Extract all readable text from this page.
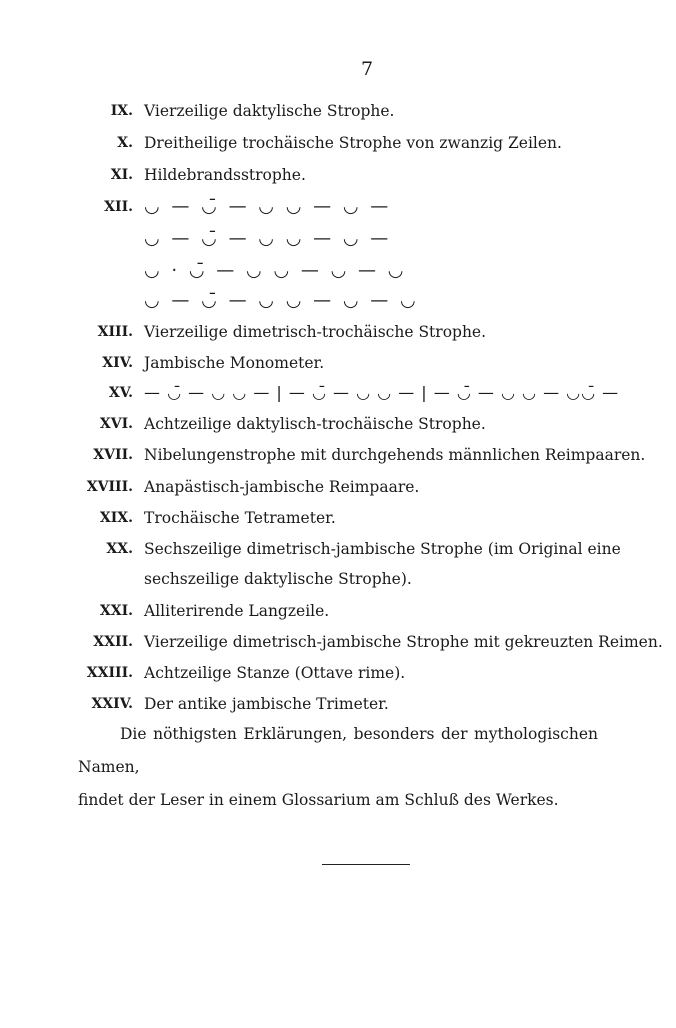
7
IX. Vierzeilige daktylische Strophe.
X. Dreitheilige trochäische Strophe von zwanzig Zeilen.
XI. Hildebrandsstrophe.
XII. ◡ — ◡̄ — ◡ ◡ — ◡ —
◡ — ◡̄ — ◡ ◡ — ◡ —
◡ ⋅ ◡̄ — ◡ ◡ — ◡ — ◡
◡ — ◡̄ — ◡ ◡ — ◡ — ◡
XIII. Vierzeilige dimetrisch-trochäische Strophe.
XIV. Jambische Monometer.
XV. — ◡̄ — ◡ ◡ — | — ◡̄ — ◡ ◡ — | — ◡̄ — ◡ ◡ — ◡◡̄ —
XVI. Achtzeilige daktylisch-trochäische Strophe.
XVII. Nibelungenstrophe mit durchgehends männlichen Reimpaaren.
XVIII. Anapästisch-jambische Reimpaare.
XIX. Trochäische Tetrameter.
XX. Sechszeilige dimetrisch-jambische Strophe (im Original eine
sechszeilige daktylische Strophe).
XXI. Alliterirende Langzeile.
XXII. Vierzeilige dimetrisch-jambische Strophe mit gekreuzten Reimen.
XXIII. Achtzeilige Stanze (Ottave rime).
XXIV. Der antike jambische Trimeter.
Die nöthigsten Erklärungen, besonders der mythologischen Namen,
findet der Leser in einem Glossarium am Schluß des Werkes.
